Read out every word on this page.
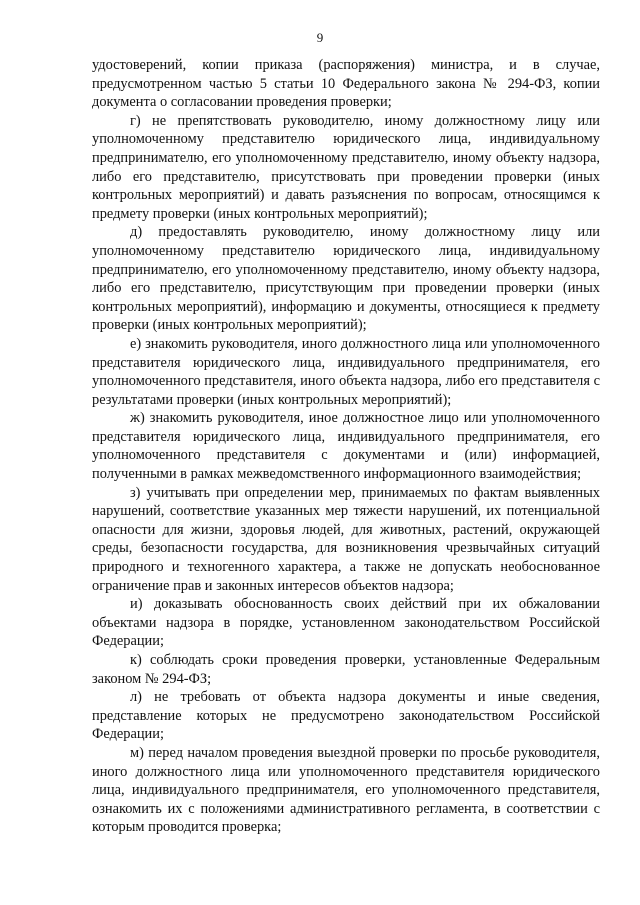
9

удостоверений, копии приказа (распоряжения) министра, и в случае, предусмотренном частью 5 статьи 10 Федерального закона № 294-ФЗ, копии документа о согласовании проведения проверки;

г) не препятствовать руководителю, иному должностному лицу или уполномоченному представителю юридического лица, индивидуальному предпринимателю, его уполномоченному представителю, иному объекту надзора, либо его представителю, присутствовать при проведении проверки (иных контрольных мероприятий) и давать разъяснения по вопросам, относящимся к предмету проверки (иных контрольных мероприятий);

д) предоставлять руководителю, иному должностному лицу или уполномоченному представителю юридического лица, индивидуальному предпринимателю, его уполномоченному представителю, иному объекту надзора, либо его представителю, присутствующим при проведении проверки (иных контрольных мероприятий), информацию и документы, относящиеся к предмету проверки (иных контрольных мероприятий);

е) знакомить руководителя, иного должностного лица или уполномоченного представителя юридического лица, индивидуального предпринимателя, его уполномоченного представителя, иного объекта надзора, либо его представителя с результатами проверки (иных контрольных мероприятий);

ж) знакомить руководителя, иное должностное лицо или уполномоченного представителя юридического лица, индивидуального предпринимателя, его уполномоченного представителя с документами и (или) информацией, полученными в рамках межведомственного информационного взаимодействия;

з) учитывать при определении мер, принимаемых по фактам выявленных нарушений, соответствие указанных мер тяжести нарушений, их потенциальной опасности для жизни, здоровья людей, для животных, растений, окружающей среды, безопасности государства, для возникновения чрезвычайных ситуаций природного и техногенного характера, а также не допускать необоснованное ограничение прав и законных интересов объектов надзора;

и) доказывать обоснованность своих действий при их обжаловании объектами надзора в порядке, установленном законодательством Российской Федерации;

к) соблюдать сроки проведения проверки, установленные Федеральным законом № 294-ФЗ;

л) не требовать от объекта надзора документы и иные сведения, представление которых не предусмотрено законодательством Российской Федерации;

м) перед началом проведения выездной проверки по просьбе руководителя, иного должностного лица или уполномоченного представителя юридического лица, индивидуального предпринимателя, его уполномоченного представителя, ознакомить их с положениями административного регламента, в соответствии с которым проводится проверка;
